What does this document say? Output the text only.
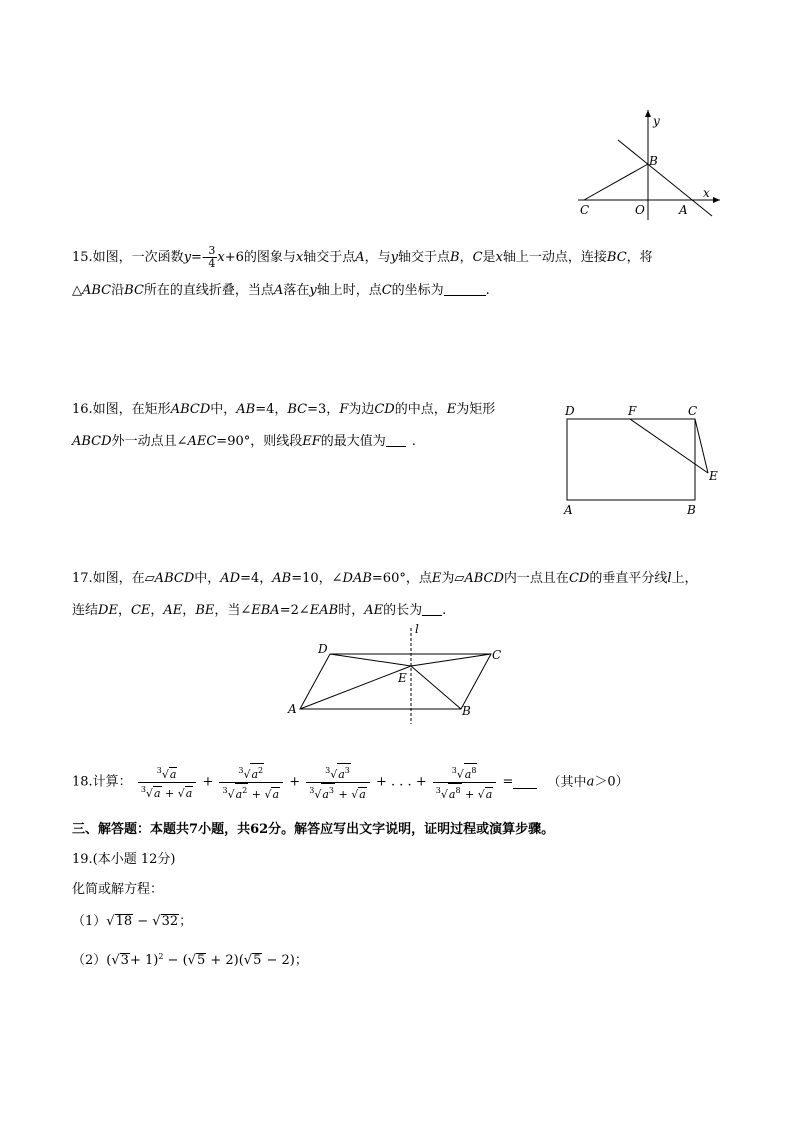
y
x
B
C	O	A
15.如图，一次函数$y=- \frac{3}{4} x+6$的图象与x轴交于点A，与y轴交于点B，C是x轴上一动点，连接BC，将
△ABC沿BC所在的直线折叠，当点A落在y轴上时，点C的坐标为	.
16.如图，在矩形ABCD中，AB=4，BC=3，F为边CD的中点，E为矩形
ABCD外一动点且∠AEC=90°，则线段EF的最大值为 .
D	F	C
E
A	B
17.如图，在▱ABCD中，AD=4，AB=10，∠DAB=60°，点E为▱ABCD内一点且在CD的垂直平分线l上，
连结DE，CE，AE，BE，当∠EBA=2∠EAB时，AE的长为 .
l
D	C
E
A	B
18.计算： $\frac{^3√a}{^3√a + √a} + \frac{^3√a^2}{^3√a^2 + √a} + \frac{^3√a^3}{^3√a^3 + √a}$ + . . . + $\frac{^3√a^8}{^3√a^8 + √a}$ =	（其中a＞0）
三、解答题：本题共7小题，共62分。解答应写出文字说明，证明过程或演算步骤。
19.(本小题 12分)
化简或解方程：
（1）√18 − √32；
$(2)(√3+ 1)^2 - (√5 + 2)(√5 - 2)$；
